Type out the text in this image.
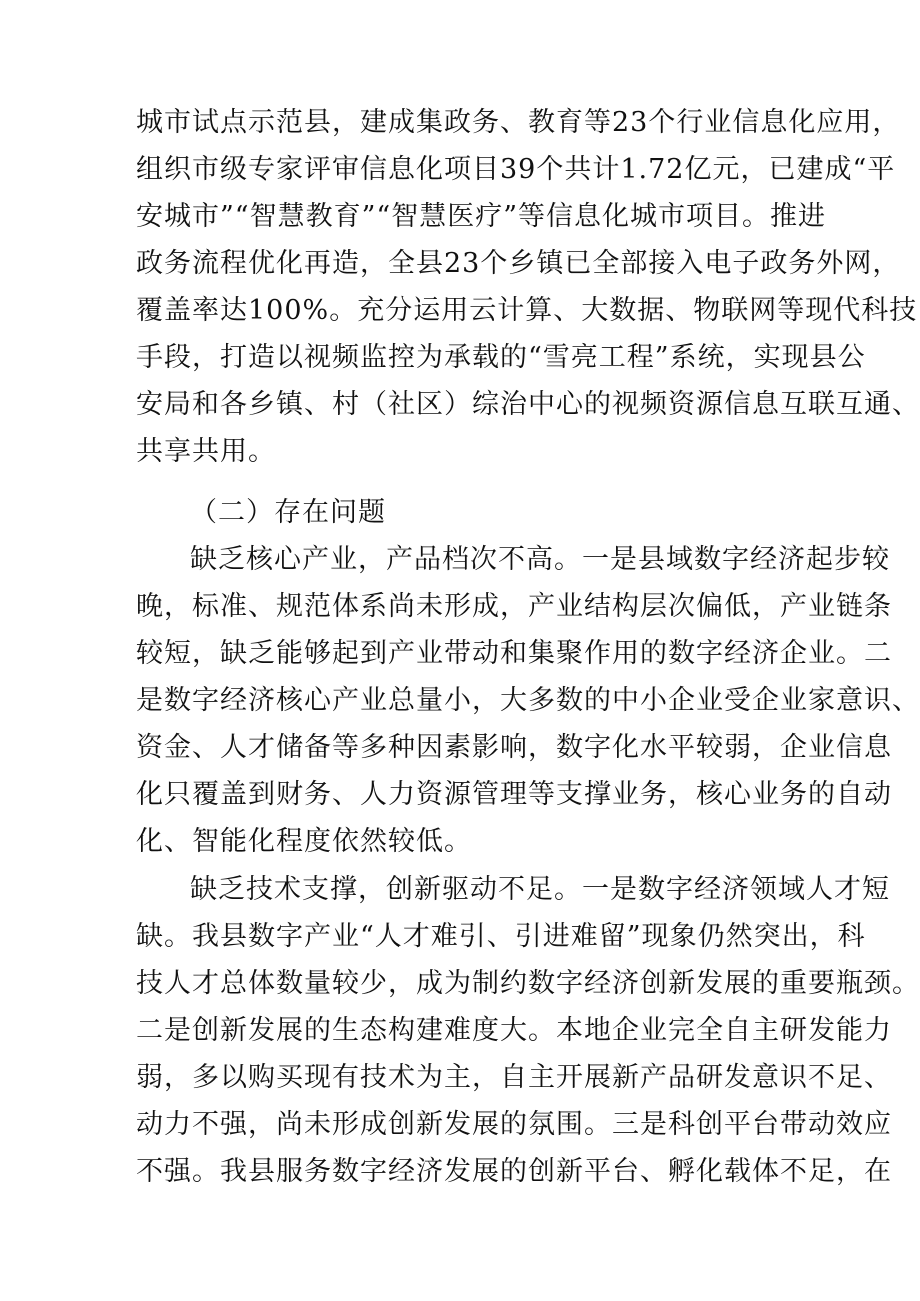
城市试点示范县，建成集政务、教育等23个行业信息化应用，
组织市级专家评审信息化项目39个共计1.72亿元，已建成“平
安城市”“智慧教育”“智慧医疗”等信息化城市项目。推进
政务流程优化再造，全县23个乡镇已全部接入电子政务外网，
覆盖率达100%。充分运用云计算、大数据、物联网等现代科技
手段，打造以视频监控为承载的“雪亮工程”系统，实现县公
安局和各乡镇、村（社区）综治中心的视频资源信息互联互通、
共享共用。
（二）存在问题
缺乏核心产业，产品档次不高。一是县域数字经济起步较
晚，标准、规范体系尚未形成，产业结构层次偏低，产业链条
较短，缺乏能够起到产业带动和集聚作用的数字经济企业。二
是数字经济核心产业总量小，大多数的中小企业受企业家意识、
资金、人才储备等多种因素影响，数字化水平较弱，企业信息
化只覆盖到财务、人力资源管理等支撑业务，核心业务的自动
化、智能化程度依然较低。
缺乏技术支撑，创新驱动不足。一是数字经济领域人才短
缺。我县数字产业“人才难引、引进难留”现象仍然突出，科
技人才总体数量较少，成为制约数字经济创新发展的重要瓶颈。
二是创新发展的生态构建难度大。本地企业完全自主研发能力
弱，多以购买现有技术为主，自主开展新产品研发意识不足、
动力不强，尚未形成创新发展的氛围。三是科创平台带动效应
不强。我县服务数字经济发展的创新平台、孵化载体不足，在
